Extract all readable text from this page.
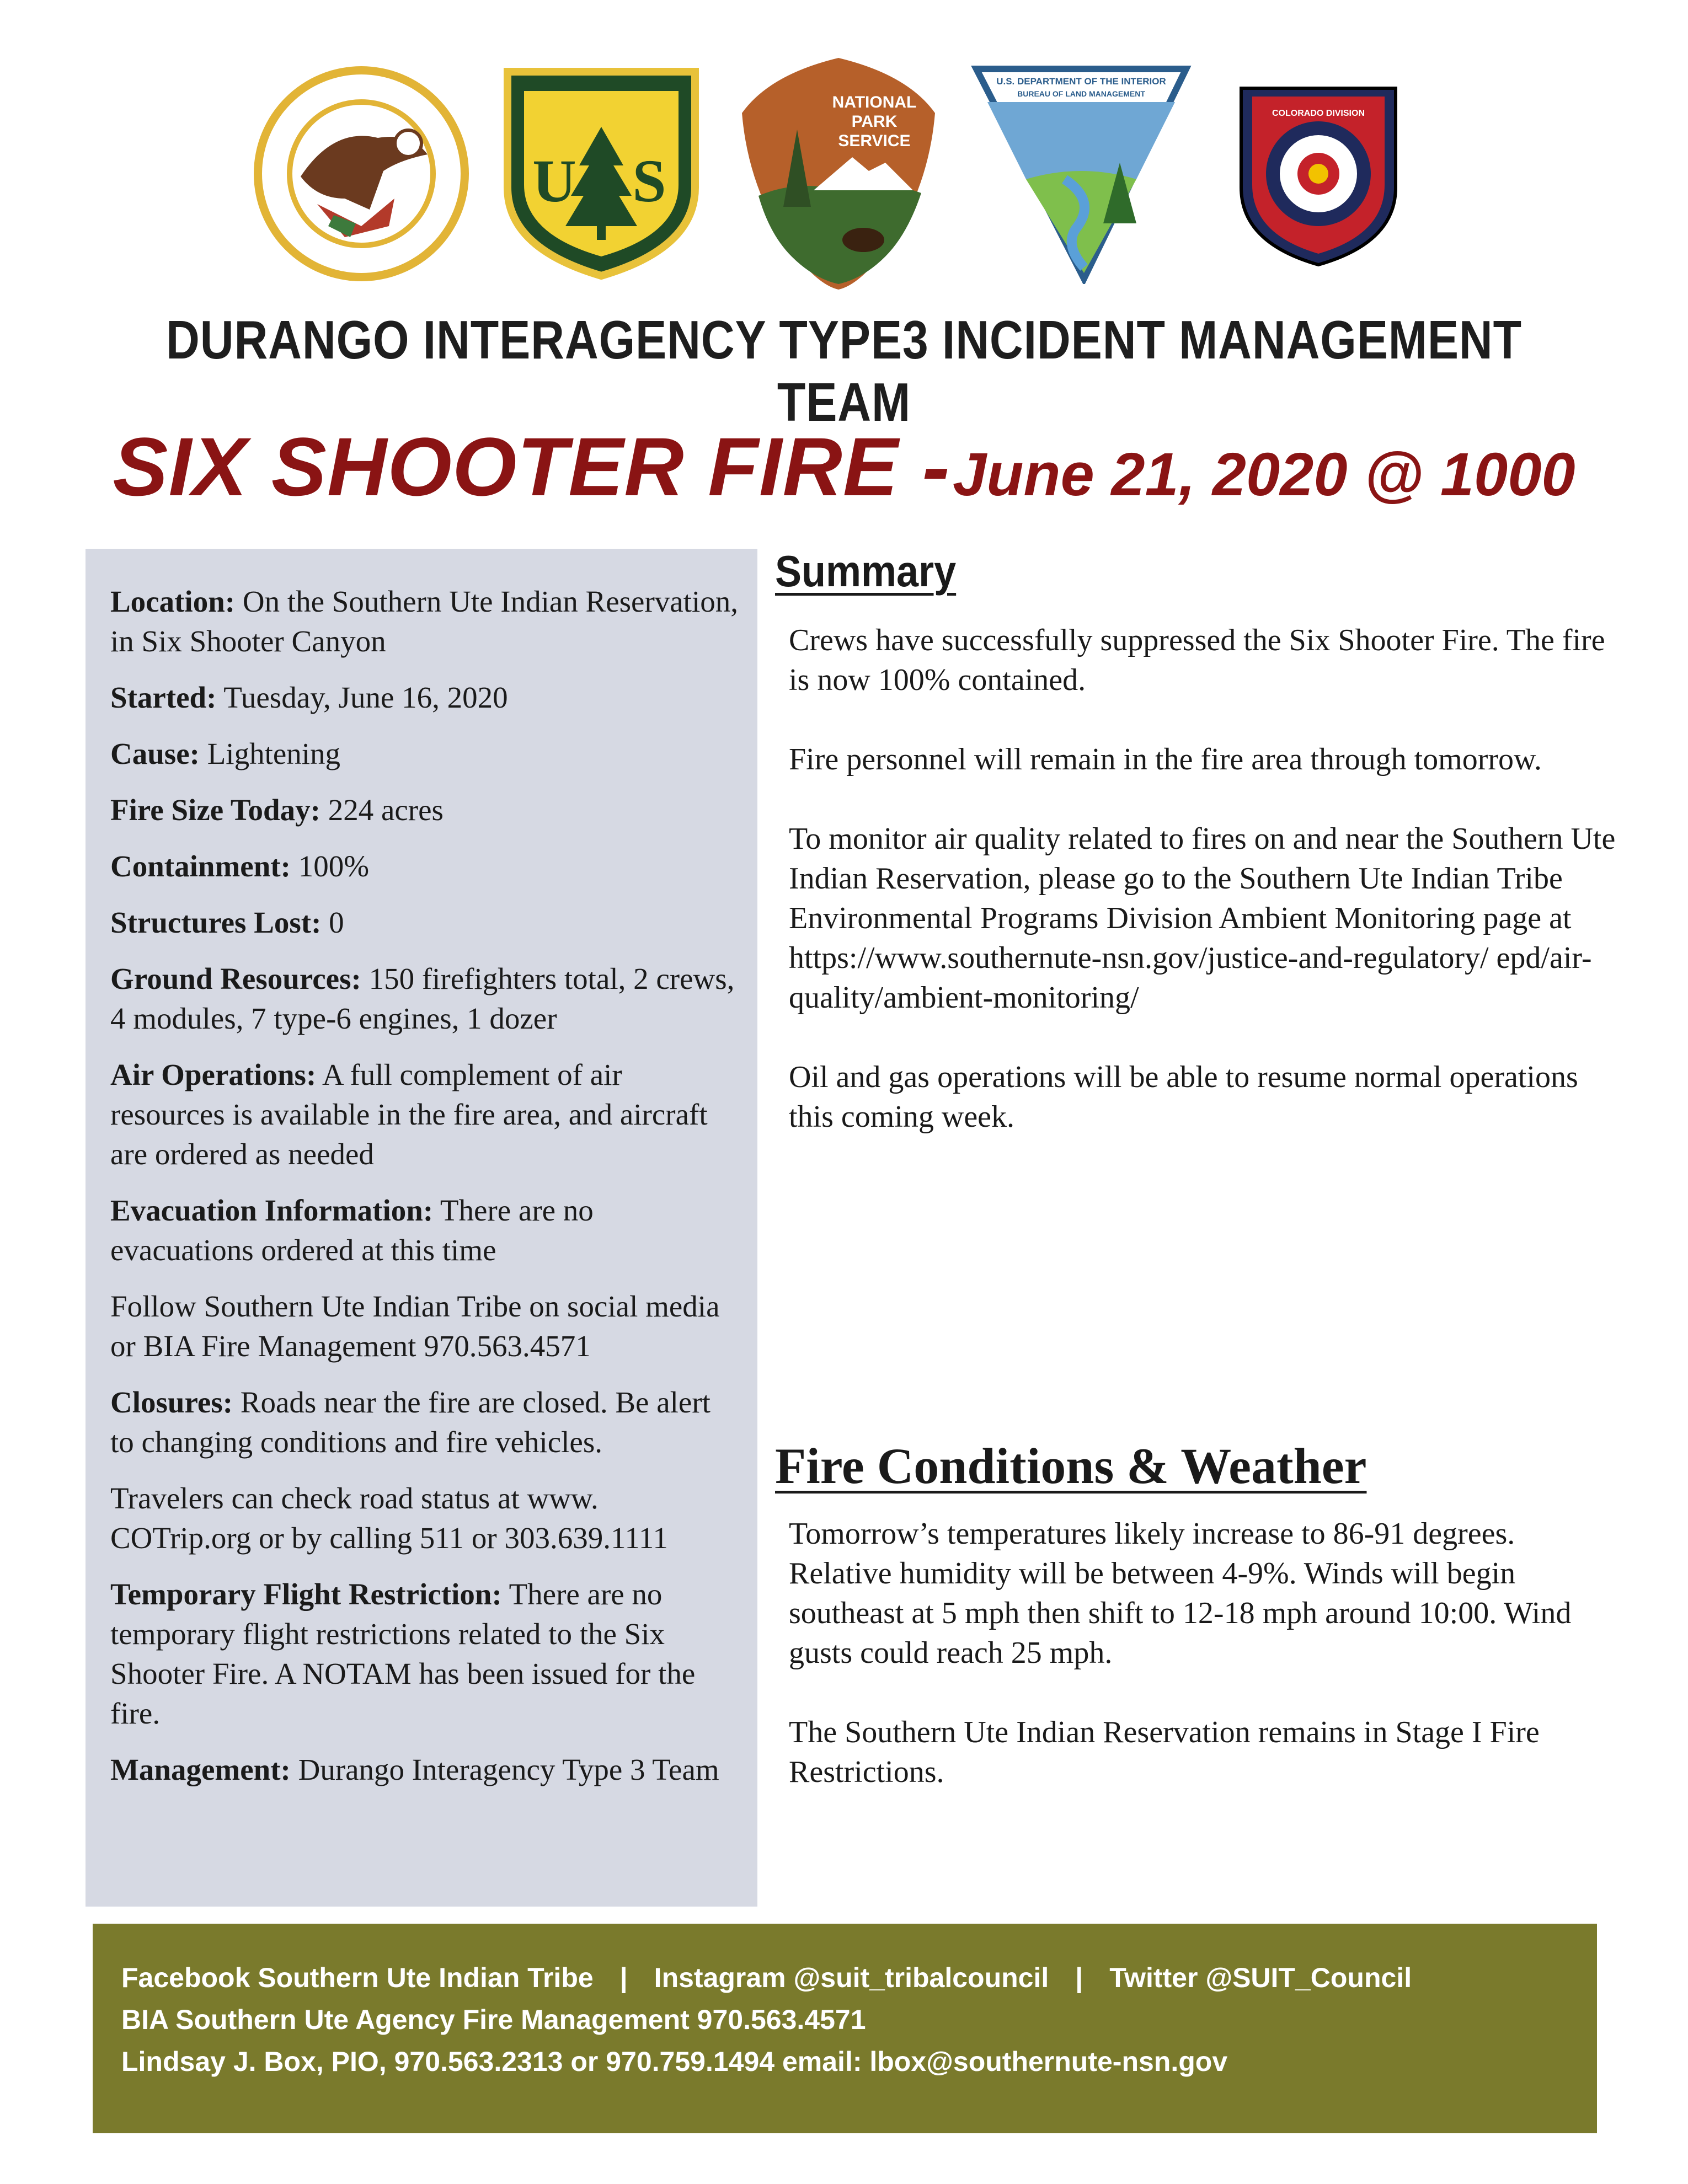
U S
NATIONAL
PARK
SERVICE
U.S. DEPARTMENT OF THE INTERIOR
BUREAU OF LAND MANAGEMENT
COLORADO DIVISION
DURANGO INTERAGENCY TYPE3 INCIDENT MANAGEMENT TEAM
SIX SHOOTER FIRE - June 21, 2020 @ 1000

Location: On the Southern Ute Indian Reservation, in Six Shooter Canyon

Started: Tuesday, June 16, 2020

Cause: Lightening

Fire Size Today: 224 acres

Containment: 100%

Structures Lost: 0

Ground Resources: 150 firefighters total, 2 crews, 4 modules, 7 type-6 engines, 1 dozer

Air Operations: A full complement of air resources is available in the fire area, and aircraft are ordered as needed

Evacuation Information: There are no evacuations ordered at this time

Follow Southern Ute Indian Tribe on social media or BIA Fire Management 970.563.4571

Closures: Roads near the fire are closed. Be alert to changing conditions and fire vehicles.

Travelers can check road status at www. COTrip.org or by calling 511 or 303.639.1111

Temporary Flight Restriction: There are no temporary flight restrictions related to the Six Shooter Fire. A NOTAM has been issued for the fire.

Management: Durango Interagency Type 3 Team

Summary

Crews have successfully suppressed the Six Shooter Fire. The fire is now 100% contained.

Fire personnel will remain in the fire area through tomorrow.

To monitor air quality related to fires on and near the Southern Ute Indian Reservation, please go to the Southern Ute Indian Tribe Environmental Programs Division Ambient Monitoring page at https://www.southernute-nsn.gov/justice-and-regulatory/ epd/air-quality/ambient-monitoring/

Oil and gas operations will be able to resume normal operations this coming week.

Fire Conditions & Weather

Tomorrow’s temperatures likely increase to 86-91 degrees. Relative humidity will be between 4-9%. Winds will begin southeast at 5 mph then shift to 12-18 mph around 10:00. Wind gusts could reach 25 mph.

The Southern Ute Indian Reservation remains in Stage I Fire Restrictions.

Facebook Southern Ute Indian Tribe | Instagram @suit_tribalcouncil | Twitter @SUIT_Council
BIA Southern Ute Agency Fire Management 970.563.4571
Lindsay J. Box, PIO, 970.563.2313 or 970.759.1494 email: lbox@southernute-nsn.gov
